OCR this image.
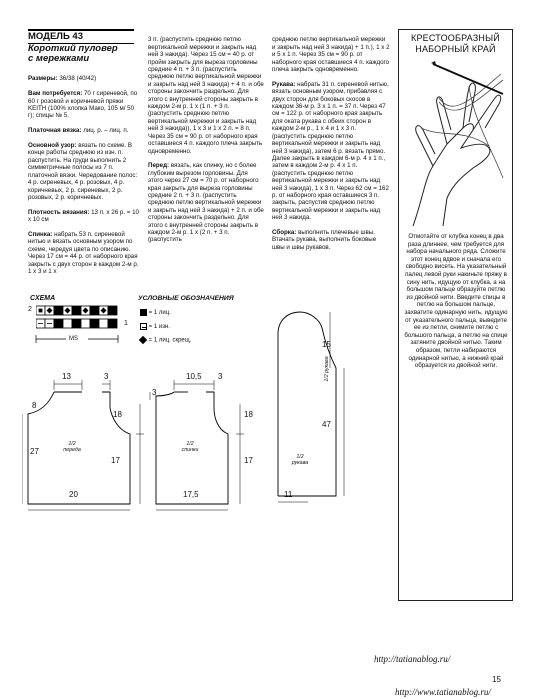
МОДЕЛЬ 43
Короткий пуловер
с мережками

Размеры: 36/38 (40/42)

Вам потребуется: 70 г сиреневой, по 60 г розовой и коричневой пряжи KEITH (100% хлопка Мако, 105 м/ 50 г); спицы № 5.

Платочная вязка: лиц. р. – лиц. п.

Основной узор: вязать по схеме. В конце работы среднюю из изн. п. распустить. На груди выполнить 2 симметричные полосы из 7 п. платочной вязки. Чередование полос: 4 р. сиреневых, 4 р. розовых, 4 р. коричневых, 2 р. сиреневых, 2 р. розовых, 2 р. коричневых.

Плотность вязания: 13 п. х 26 р. = 10 х 10 см

Спинка: набрать 53 п. сиреневой нитью и вязать основным узором по схеме, чередуя цвета по описанию. Через 17 см = 44 р. от наборного края закрыть с двух сторон в каждом 2-м р. 1 х 3 и 1 х

3 п. (распустить среднюю петлю вертикальной мережки и закрыть над ней 3 накида). Через 15 см = 40 р. от пройм закрыть для выреза горловины средние 4 п. + 3 п. (распустить среднюю петлю вертикальной мережки и закрыть над ней 3 накида) + 4 п. и обе стороны закончить раздельно. Для этого с внутренней стороны закрыть в каждом 2-м р. 1 х (1 п. + 3 п. (распустить среднюю петлю вертикальной мережки и закрыть над ней 3 накида)), 1 х 3 и 1 х 2 п. = 8 п. Через 35 см = 90 р. от наборного края оставшиеся 4 п. каждого плеча закрыть одновременно.

Перед: вязать, как спинку, но с более глубоким вырезом горловины. Для этого через 27 см = 70 р. от наборного края закрыть для выреза горловины средние 2 п. + 3 п. (распустить среднюю петлю вертикальной мережки и закрыть над ней 3 накида) + 2 п. и обе стороны закончить раздельно. Для этого с внутренней стороны закрыть в каждом 2-м р. 1 х (2 п. + 3 п. (распустить

среднюю петлю вертикальной мережки и закрыть над ней 3 накида) + 1 п.), 1 х 2 и 5 х 1 п. Через 35 см = 90 р. от наборного края оставшиеся 4 п. каждого плеча закрыть одновременно.

Рукава: набрать 31 п. сиреневой нитью, вязать основным узором, прибавляя с двух сторон для боковых скосов в каждом 36-м р. 3 х 1 п. = 37 п. Через 47 см = 122 р. от наборного края закрыть для оката рукава с обеих сторон в каждом 2-м р., 1 х 4 и 1 х 3 п. (распустить среднюю петлю вертикальной мережки и закрыть над ней 3 накида), затем 6 р. вязать прямо. Далее закрыть в каждом 6-м р. 4 х 1 п., затем в каждом 2-м р. 4 х 1 п. (распустить среднюю петлю вертикальной мережки и закрыть над ней 3 накида), 1 х 3 п. Через 62 см = 162 р. от наборного края оставшиеся 3 п. закрыть, распустив среднюю петлю вертикальной мережки и закрыть над ней 3 накида.

Сборка: выполнить плечевые швы. Втачать рукава, выполнить боковые швы и швы рукавов.

КРЕСТООБРАЗНЫЙ
НАБОРНЫЙ КРАЙ
Отмотайте от клубка конец в два раза длиннее, чем требуется для набора начального ряда. Сложите этот конец вдвое и сначала его свободно висеть. На указательный палец левой руки накиньте пряжу в сину нить, идущую от клубка, а на большом пальце образуйте петлю из двойной нити. Введите спицы в петлю на большом пальце, захватите одинарную нить, идущую от указательного пальца, выведите ее из петли, снимите петлю с большого пальца, а петлю на спице затяните двойной нитью. Таким образом, петли набираются одинарной нитью, а нижний край образуется из двойной нити.
СХЕМА
2
1
MS
УСЛОВНЫЕ ОБОЗНАЧЕНИЯ
= 1 лиц.
= 1 изн.
= 1 лиц. скрещ.
13	3
8
27
18
17
20
1/2
переда
10,5 3
3
18
17
17,5
1/2
спинки
1/2 рукава
15
47
11
1/2
рукава
http://tatianablog.ru/
15
http://www.tatianablog.ru/
